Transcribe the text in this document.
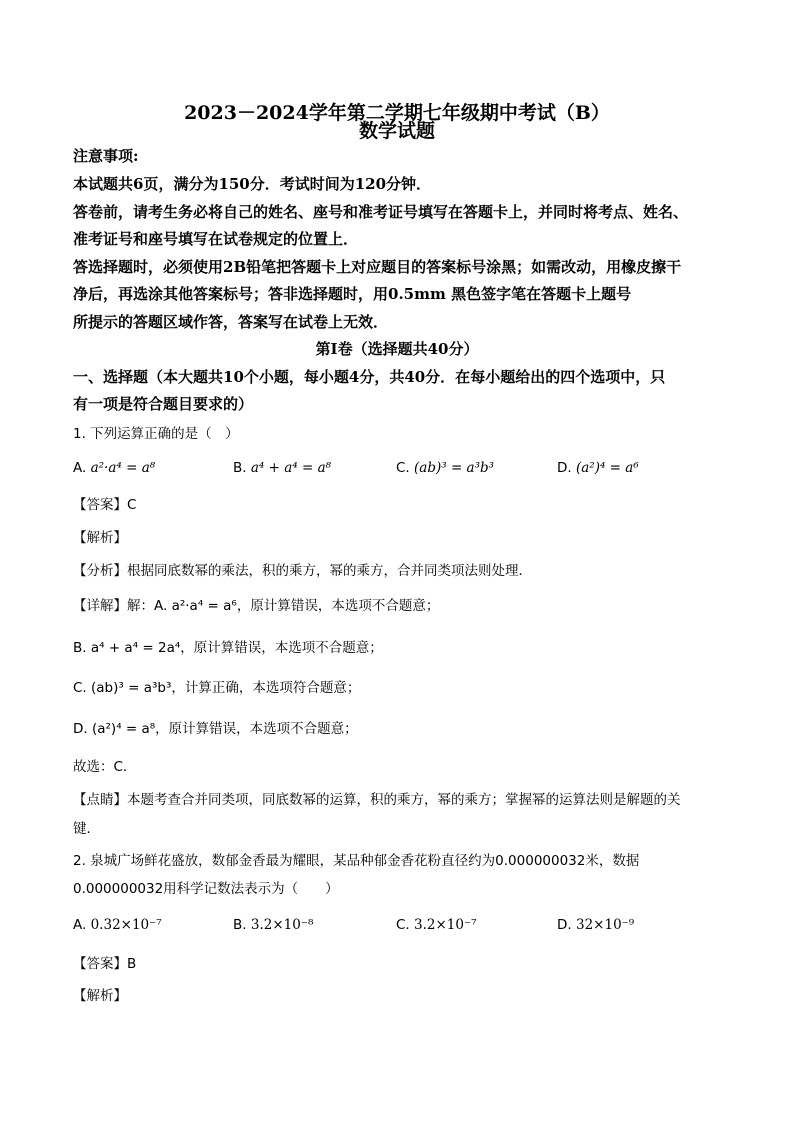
2023－2024学年第二学期七年级期中考试（B）
数学试题
注意事项:
本试题共6页，满分为150分．考试时间为120分钟．
答卷前，请考生务必将自己的姓名、座号和准考证号填写在答题卡上，并同时将考点、姓名、
准考证号和座号填写在试卷规定的位置上．
答选择题时，必须使用2B铅笔把答题卡上对应题目的答案标号涂黑；如需改动，用橡皮擦干
净后，再选涂其他答案标号；答非选择题时，用0.5mm 黑色签字笔在答题卡上题号
所提示的答题区域作答，答案写在试卷上无效．
第Ⅰ卷（选择题共40分）
一、选择题（本大题共10个小题，每小题4分，共40分．在每小题给出的四个选项中，只
有一项是符合题目要求的）
1. 下列运算正确的是（　）
A. a²·a⁴ = a⁸	B. a⁴ + a⁴ = a⁸	C. (ab)³ = a³b³	D. (a²)⁴ = a⁶
【答案】C
【解析】
【分析】根据同底数幂的乘法，积的乘方，幂的乘方，合并同类项法则处理．
【详解】解：A. a²·a⁴ = a⁶，原计算错误，本选项不合题意；
B. a⁴ + a⁴ = 2a⁴，原计算错误，本选项不合题意；
C. (ab)³ = a³b³，计算正确，本选项符合题意；
D. (a²)⁴ = a⁸，原计算错误，本选项不合题意；
故选：C．
【点睛】本题考查合并同类项，同底数幂的运算，积的乘方，幂的乘方；掌握幂的运算法则是解题的关
键．
2. 泉城广场鲜花盛放，数郁金香最为耀眼，某品种郁金香花粉直径约为0.000000032米，数据
0.000000032用科学记数法表示为（　　）
A. 0.32×10⁻⁷	B. 3.2×10⁻⁸	C. 3.2×10⁻⁷	D. 32×10⁻⁹
【答案】B
【解析】
